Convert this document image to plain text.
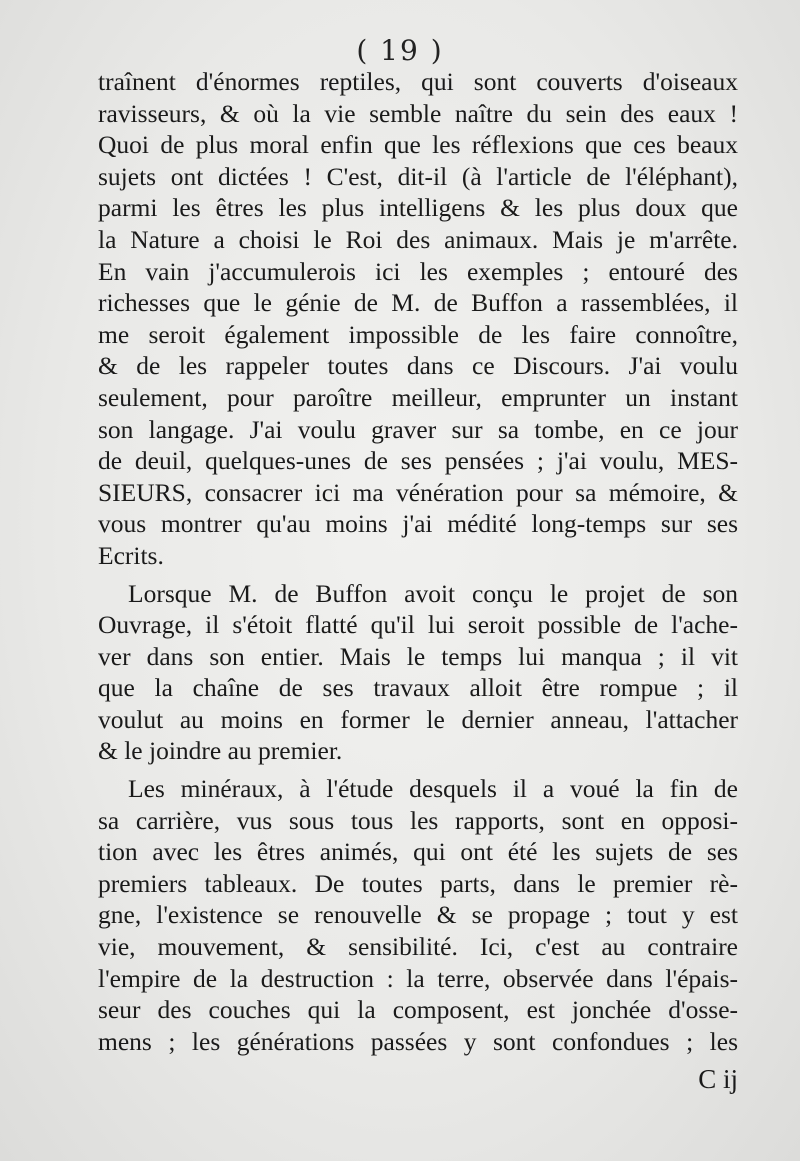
( 19 )
traînent d'énormes reptiles, qui sont couverts d'oiseaux
ravisseurs, & où la vie semble naître du sein des eaux !
Quoi de plus moral enfin que les réflexions que ces beaux
sujets ont dictées ! C'est, dit-il (à l'article de l'éléphant),
parmi les êtres les plus intelligens & les plus doux que
la Nature a choisi le Roi des animaux. Mais je m'arrête.
En vain j'accumulerois ici les exemples ; entouré des
richesses que le génie de M. de Buffon a rassemblées, il
me seroit également impossible de les faire connoître,
& de les rappeler toutes dans ce Discours. J'ai voulu
seulement, pour paroître meilleur, emprunter un instant
son langage. J'ai voulu graver sur sa tombe, en ce jour
de deuil, quelques-unes de ses pensées ; j'ai voulu, MES-
SIEURS, consacrer ici ma vénération pour sa mémoire, &
vous montrer qu'au moins j'ai médité long-temps sur ses
Ecrits.
Lorsque M. de Buffon avoit conçu le projet de son
Ouvrage, il s'étoit flatté qu'il lui seroit possible de l'ache-
ver dans son entier. Mais le temps lui manqua ; il vit
que la chaîne de ses travaux alloit être rompue ; il
voulut au moins en former le dernier anneau, l'attacher
& le joindre au premier.
Les minéraux, à l'étude desquels il a voué la fin de
sa carrière, vus sous tous les rapports, sont en opposi-
tion avec les êtres animés, qui ont été les sujets de ses
premiers tableaux. De toutes parts, dans le premier rè-
gne, l'existence se renouvelle & se propage ; tout y est
vie, mouvement, & sensibilité. Ici, c'est au contraire
l'empire de la destruction : la terre, observée dans l'épais-
seur des couches qui la composent, est jonchée d'osse-
mens ; les générations passées y sont confondues ; les
C ij
